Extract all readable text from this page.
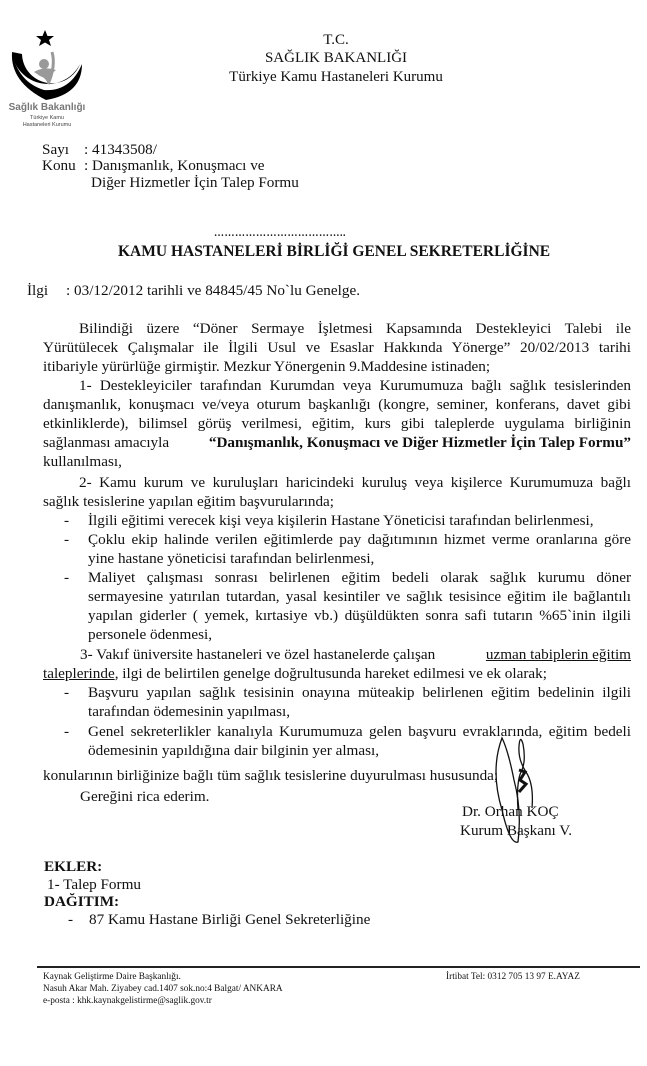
Sağlık Bakanlığı
Türkiye Kamu
Hastaneleri Kurumu
T.C.
SAĞLIK BAKANLIĞI
Türkiye Kamu Hastaneleri Kurumu
Sayı : 41343508/
Konu : Danışmanlık, Konuşmacı ve
Diğer Hizmetler İçin Talep Formu
………………………………..
KAMU HASTANELERİ BİRLİĞİ GENEL SEKRETERLİĞİNE
İlgi : 03/12/2012 tarihli ve 84845/45 No`lu Genelge.
Bilindiği üzere “Döner Sermaye İşletmesi Kapsamında Destekleyici Talebi ile
Yürütülecek Çalışmalar ile İlgili Usul ve Esaslar Hakkında Yönerge” 20/02/2013 tarihi
itibariyle yürürlüğe girmiştir. Mezkur Yönergenin 9.Maddesine istinaden;
1- Destekleyiciler tarafından Kurumdan veya Kurumumuza bağlı sağlık tesislerinden
danışmanlık, konuşmacı ve/veya oturum başkanlığı (kongre, seminer, konferans, davet gibi
etkinliklerde), bilimsel görüş verilmesi, eğitim, kurs gibi taleplerde uygulama birliğinin
sağlanması amacıyla	“Danışmanlık, Konuşmacı ve Diğer Hizmetler İçin Talep Formu”
kullanılması,
2- Kamu kurum ve kuruluşları haricindeki kuruluş veya kişilerce Kurumumuza bağlı
sağlık tesislerine yapılan eğitim başvurularında;
- İlgili eğitimi verecek kişi veya kişilerin Hastane Yöneticisi tarafından belirlenmesi,
- Çoklu ekip halinde verilen eğitimlerde pay dağıtımının hizmet verme oranlarına göre
yine hastane yöneticisi tarafından belirlenmesi,
- Maliyet çalışması sonrası belirlenen eğitim bedeli olarak sağlık kurumu döner
sermayesine yatırılan tutardan, yasal kesintiler ve sağlık tesisince eğitim ile bağlantılı
yapılan giderler ( yemek, kırtasiye vb.) düşüldükten sonra safi tutarın %65`inin ilgili
personele ödenmesi,
3- Vakıf üniversite hastaneleri ve özel hastanelerde çalışan	uzman tabiplerin eğitim
taleplerinde, ilgi de belirtilen genelge doğrultusunda hareket edilmesi ve ek olarak;
- Başvuru yapılan sağlık tesisinin onayına müteakip belirlenen eğitim bedelinin ilgili
tarafından ödemesinin yapılması,
- Genel sekreterlikler kanalıyla Kurumumuza gelen başvuru evraklarında, eğitim bedeli
ödemesinin yapıldığına dair bilginin yer alması,
konularının birliğinize bağlı tüm sağlık tesislerine duyurulması hususunda;
Gereğini rica ederim.
Dr. Orhan KOÇ
Kurum Başkanı V.
EKLER:
1- Talep Formu
DAĞITIM:
- 87 Kamu Hastane Birliği Genel Sekreterliğine
Kaynak Geliştirme Daire Başkanlığı.
Nasuh Akar Mah. Ziyabey cad.1407 sok.no:4 Balgat/ ANKARA
e-posta : khk.kaynakgelistirme@saglik.gov.tr
İrtibat Tel: 0312 705 13 97 E.AYAZ
